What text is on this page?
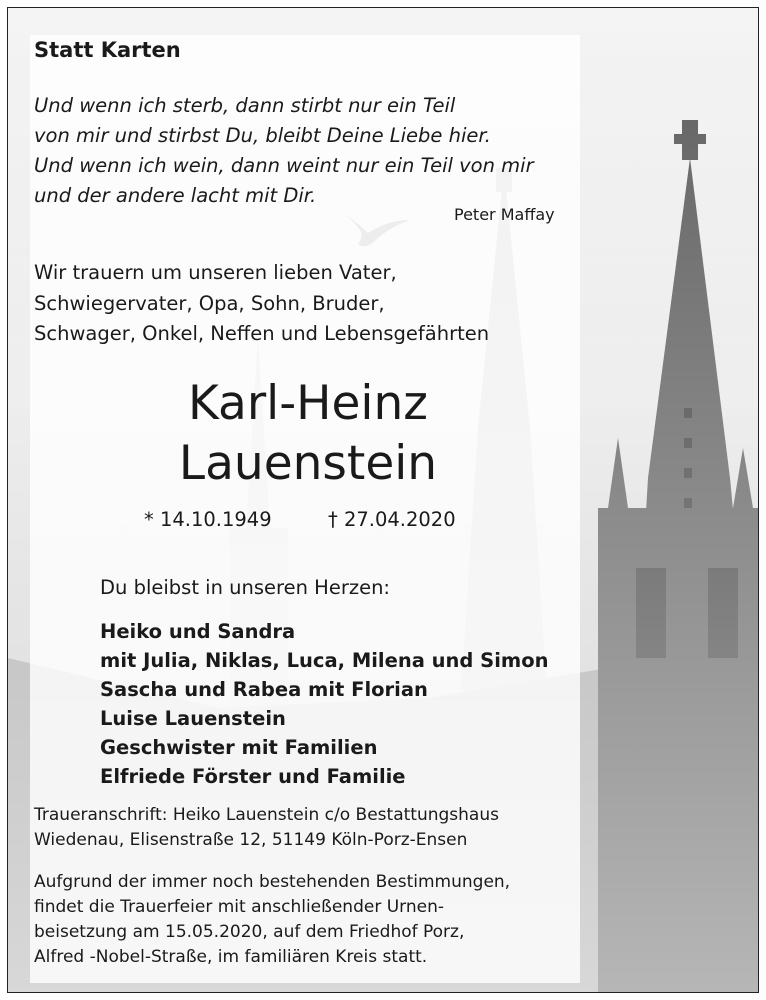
Statt Karten
Und wenn ich sterb, dann stirbt nur ein Teil
von mir und stirbst Du, bleibt Deine Liebe hier.
Und wenn ich wein, dann weint nur ein Teil von mir
und der andere lacht mit Dir.
Peter Maffay
Wir trauern um unseren lieben Vater,
Schwiegervater, Opa, Sohn, Bruder,
Schwager, Onkel, Neffen und Lebensgefährten
Karl-Heinz
Lauenstein
* 14.10.1949	† 27.04.2020
Du bleibst in unseren Herzen:
Heiko und Sandra
mit Julia, Niklas, Luca, Milena und Simon
Sascha und Rabea mit Florian
Luise Lauenstein
Geschwister mit Familien
Elfriede Förster und Familie
Traueranschrift: Heiko Lauenstein c/o Bestattungshaus
Wiedenau, Elisenstraße 12, 51149 Köln-Porz-Ensen
Aufgrund der immer noch bestehenden Bestimmungen,
findet die Trauerfeier mit anschließender Urnen-
beisetzung am 15.05.2020, auf dem Friedhof Porz,
Alfred -Nobel-Straße, im familiären Kreis statt.
